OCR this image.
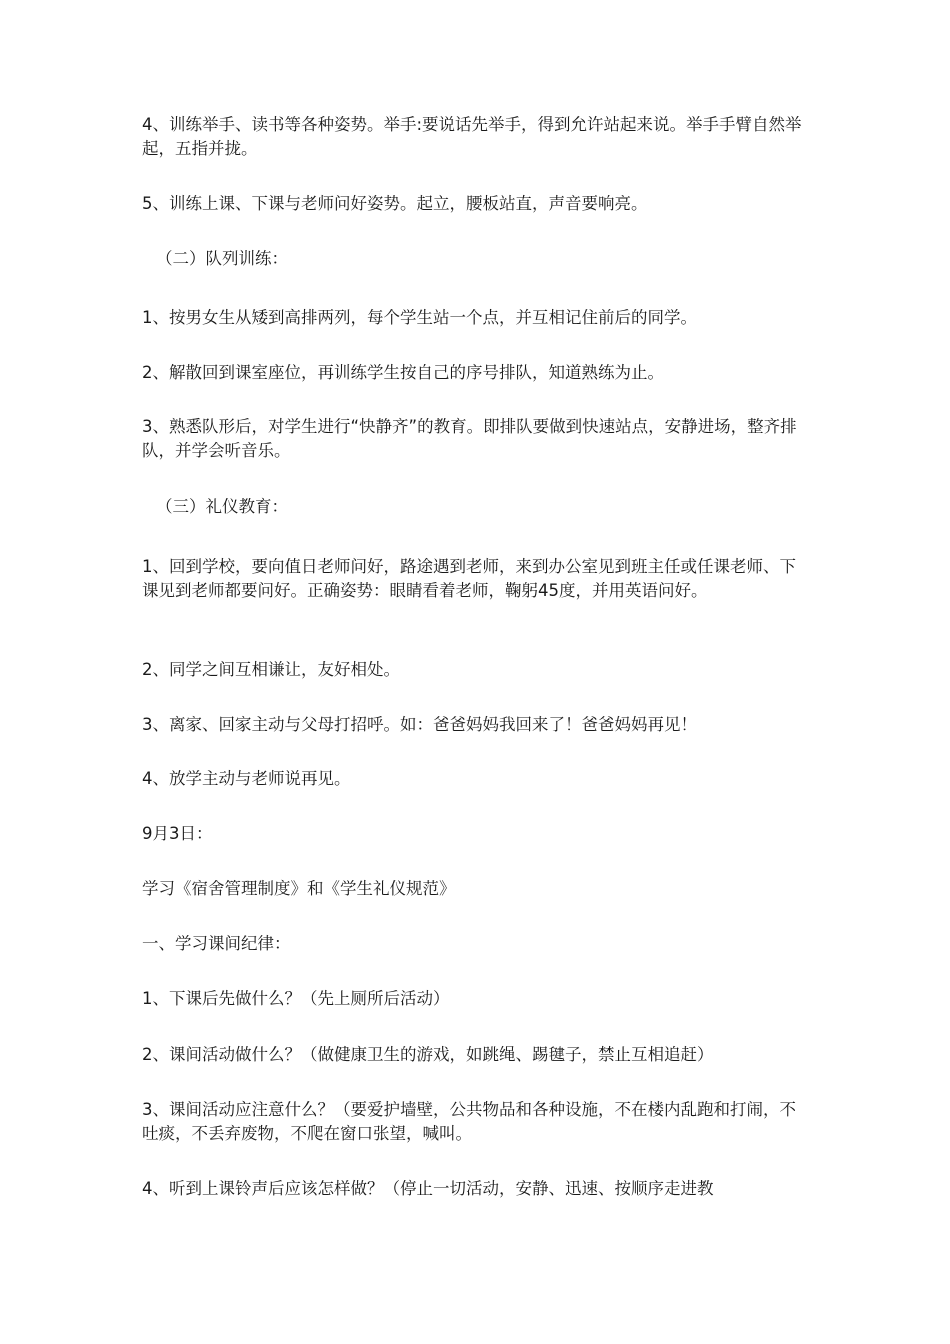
4、训练举手、读书等各种姿势。举手:要说话先举手，得到允许站起来说。举手手臂自然举起，五指并拢。

5、训练上课、下课与老师问好姿势。起立，腰板站直，声音要响亮。

（二）队列训练：

1、按男女生从矮到高排两列，每个学生站一个点，并互相记住前后的同学。

2、解散回到课室座位，再训练学生按自己的序号排队，知道熟练为止。

3、熟悉队形后，对学生进行“快静齐”的教育。即排队要做到快速站点，安静进场，整齐排队，并学会听音乐。

（三）礼仪教育：

1、回到学校，要向值日老师问好，路途遇到老师，来到办公室见到班主任或任课老师、下课见到老师都要问好。正确姿势：眼睛看着老师，鞠躬45度，并用英语问好。

2、同学之间互相谦让，友好相处。

3、离家、回家主动与父母打招呼。如：爸爸妈妈我回来了！爸爸妈妈再见！

4、放学主动与老师说再见。

9月3日：

学习《宿舍管理制度》和《学生礼仪规范》

一、学习课间纪律：

1、下课后先做什么？（先上厕所后活动）

2、课间活动做什么？（做健康卫生的游戏，如跳绳、踢毽子，禁止互相追赶）

3、课间活动应注意什么？（要爱护墙壁，公共物品和各种设施，不在楼内乱跑和打闹，不吐痰，不丢弃废物，不爬在窗口张望，喊叫。

4、听到上课铃声后应该怎样做？（停止一切活动，安静、迅速、按顺序走进教
